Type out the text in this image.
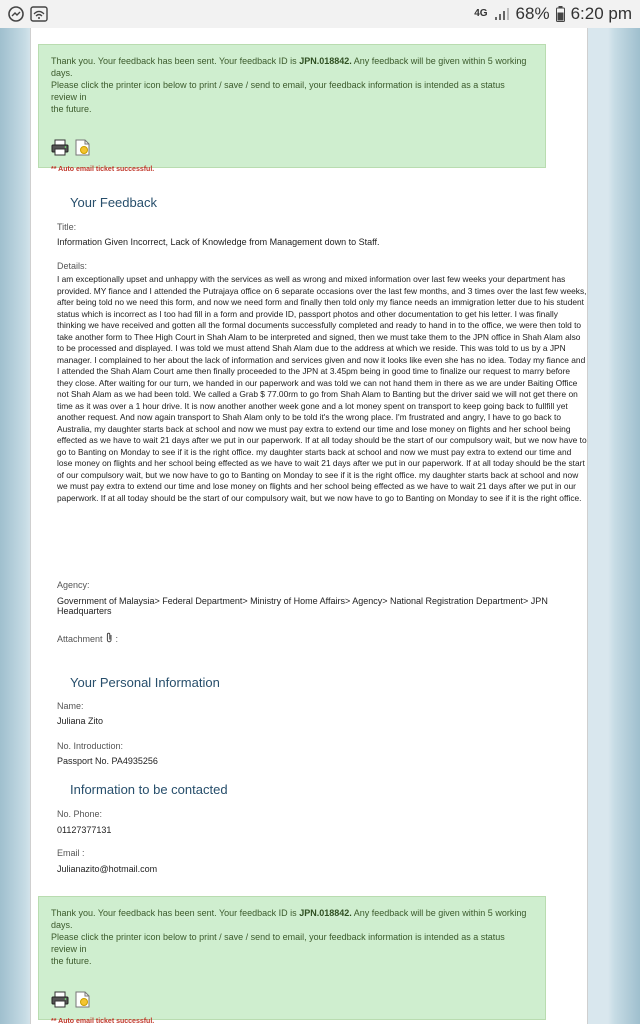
4G 68% 6:20 pm
Thank you. Your feedback has been sent. Your feedback ID is JPN.018842. Any feedback will be given within 5 working days.
Please click the printer icon below to print / save / send to email, your feedback information is intended as a status review in
the future.
** Auto email ticket successful.
Your Feedback
Title:
Information Given Incorrect, Lack of Knowledge from Management down to Staff.
Details:
I am exceptionally upset and unhappy with the services as well as wrong and mixed information over last few weeks your department has provided. MY fiance and I attended the Putrajaya office on 6 separate occasions over the last few months, and 3 times over the last few weeks, after being told no we need this form, and now we need form and finally then told only my fiance needs an immigration letter due to his student status which is incorrect as I too had fill in a form and provide ID, passport photos and other documentation to get his letter. I was finally thinking we have received and gotten all the formal documents successfully completed and ready to hand in to the office, we were then told to take another form to Thee High Court in Shah Alam to be interpreted and signed, then we must take them to the JPN office in Shah Alam also to be processed and displayed. I was told we must attend Shah Alam due to the address at which we reside. This was told to us by a JPN manager. I complained to her about the lack of information and services given and now it looks like even she has no idea. Today my fiance and I attended the Shah Alam Court ame then finally proceeded to the JPN at 3.45pm being in good time to finalize our request to marry before they close. After waiting for our turn, we handed in our paperwork and was told we can not hand them in there as we are under Baiting Office not Shah Alam as we had been told. We called a Grab $ 77.00rm to go from Shah Alam to Banting but the driver said we will not get there on time as it was over a 1 hour drive. It is now another another week gone and a lot money spent on transport to keep going back to fullfill yet another request. And now again transport to Shah Alam only to be told it's the wrong place. I'm frustrated and angry, I have to go back to Australia, my daughter starts back at school and now we must pay extra to extend our time and lose money on flights and her school being effected as we have to wait 21 days after we put in our paperwork. If at all today should be the start of our compulsory wait, but we now have to go to Banting on Monday to see if it is the right office. my daughter starts back at school and now we must pay extra to extend our time and lose money on flights and her school being effected as we have to wait 21 days after we put in our paperwork. If at all today should be the start of our compulsory wait, but we now have to go to Banting on Monday to see if it is the right office. my daughter starts back at school and now we must pay extra to extend our time and lose money on flights and her school being effected as we have to wait 21 days after we put in our paperwork. If at all today should be the start of our compulsory wait, but we now have to go to Banting on Monday to see if it is the right office.
Agency:
Government of Malaysia> Federal Department> Ministry of Home Affairs> Agency> National Registration Department> JPN
Headquarters
Attachment :
Your Personal Information
Name:
Juliana Zito
No. Introduction:
Passport No. PA4935256
Information to be contacted
No. Phone:
01127377131
Email :
Julianazito@hotmail.com
Thank you. Your feedback has been sent. Your feedback ID is JPN.018842. Any feedback will be given within 5 working days.
Please click the printer icon below to print / save / send to email, your feedback information is intended as a status review in
the future.
** Auto email ticket successful.
